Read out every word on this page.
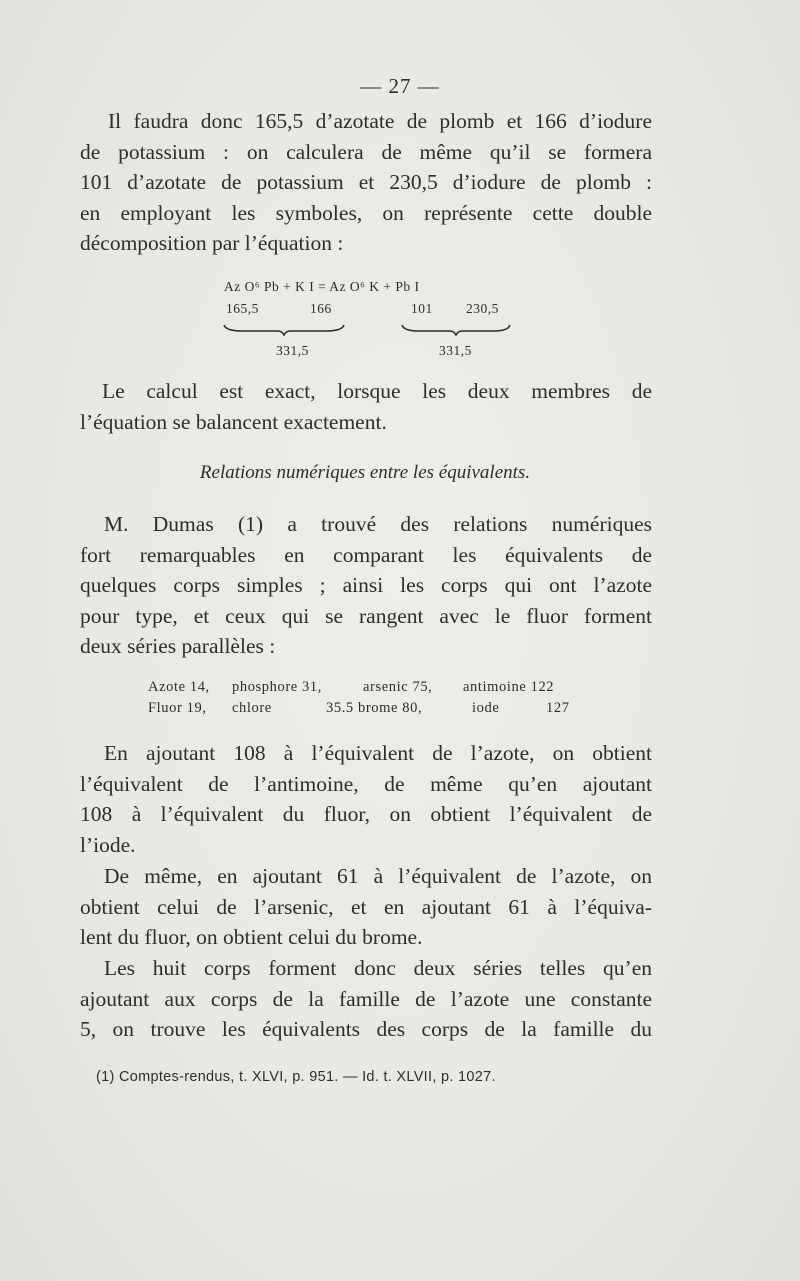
— 27 —
Il faudra donc 165,5 d’azotate de plomb et 166 d’iodure
de potassium : on calculera de même qu’il se formera
101 d’azotate de potassium et 230,5 d’iodure de plomb :
en employant les symboles, on représente cette double
décomposition par l’équation :
Az O⁶ Pb + K I = Az O⁶ K + Pb I
165,5	166	101 230,5
331,5	331,5
Le calcul est exact, lorsque les deux membres de
l’équation se balancent exactement.
Relations numériques entre les équivalents.
M. Dumas (1) a trouvé des relations numériques
fort remarquables en comparant les équivalents de
quelques corps simples ; ainsi les corps qui ont l’azote
pour type, et ceux qui se rangent avec le fluor forment
deux séries parallèles :
Azote 14, phosphore 31,	arsenic 75, antimoine 122
Fluor 19, chlore	35.5 brome 80,	iode	127
En ajoutant 108 à l’équivalent de l’azote, on obtient
l’équivalent de l’antimoine, de même qu’en ajoutant
108 à l’équivalent du fluor, on obtient l’équivalent de
l’iode.
De même, en ajoutant 61 à l’équivalent de l’azote, on
obtient celui de l’arsenic, et en ajoutant 61 à l’équiva-
lent du fluor, on obtient celui du brome.
Les huit corps forment donc deux séries telles qu’en
ajoutant aux corps de la famille de l’azote une constante
5, on trouve les équivalents des corps de la famille du
(1) Comptes-rendus, t. XLVI, p. 951. — Id. t. XLVII, p. 1027.
